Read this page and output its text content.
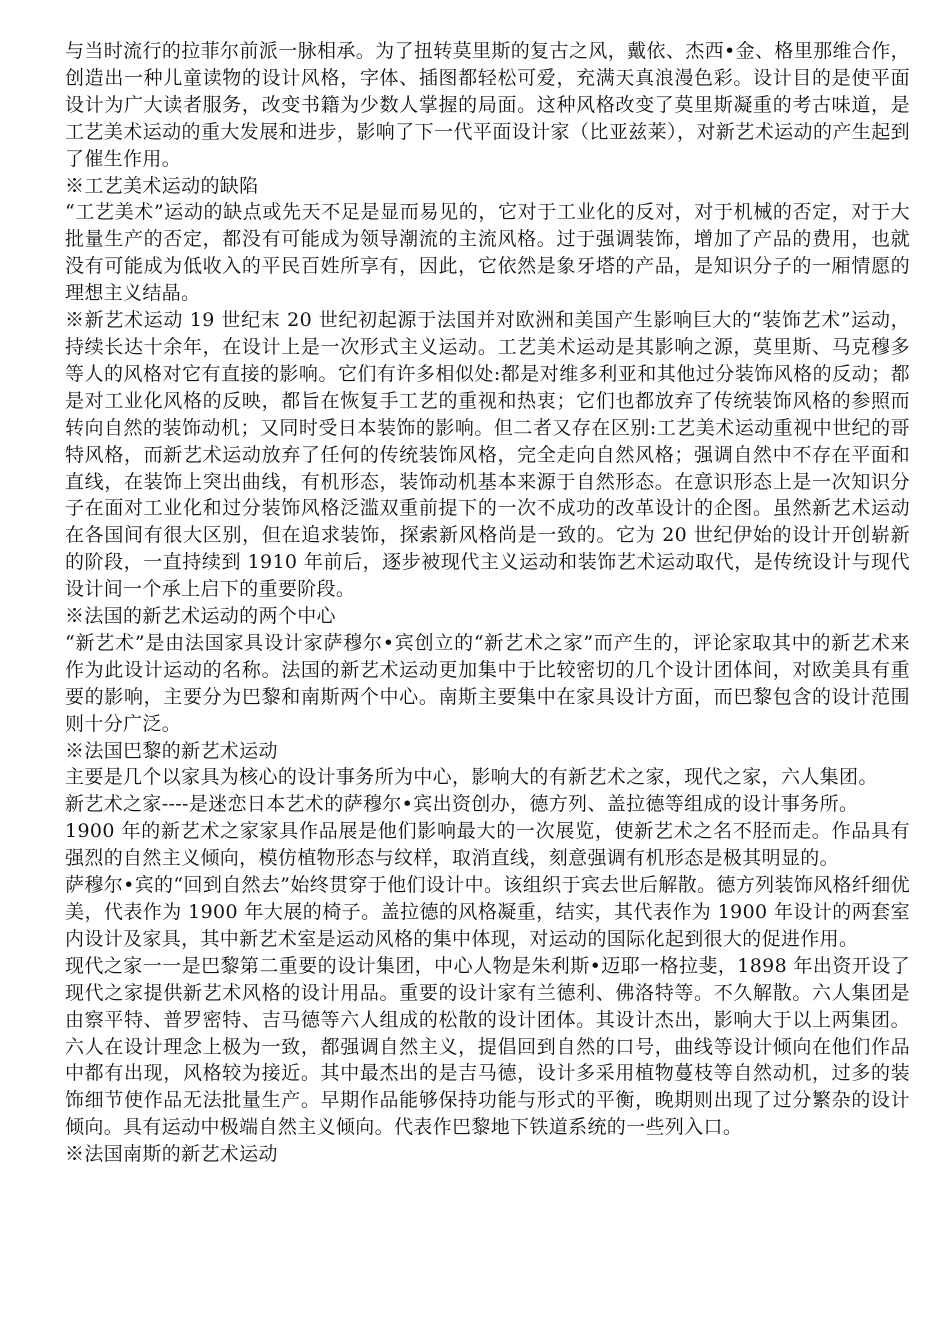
与当时流行的拉菲尔前派一脉相承。为了扭转莫里斯的复古之风，戴依、杰西•金、格里那维合作，创造出一种儿童读物的设计风格，字体、插图都轻松可爱，充满天真浪漫色彩。设计目的是使平面设计为广大读者服务，改变书籍为少数人掌握的局面。这种风格改变了莫里斯凝重的考古味道，是工艺美术运动的重大发展和进步，影响了下一代平面设计家（比亚兹莱），对新艺术运动的产生起到了催生作用。

※工艺美术运动的缺陷

“工艺美术”运动的缺点或先天不足是显而易见的，它对于工业化的反对，对于机械的否定，对于大批量生产的否定，都没有可能成为领导潮流的主流风格。过于强调装饰，增加了产品的费用，也就没有可能成为低收入的平民百姓所享有，因此，它依然是象牙塔的产品，是知识分子的一厢情愿的理想主义结晶。

※新艺术运动 19 世纪末 20 世纪初起源于法国并对欧洲和美国产生影响巨大的“装饰艺术”运动，持续长达十余年，在设计上是一次形式主义运动。工艺美术运动是其影响之源，莫里斯、马克穆多等人的风格对它有直接的影响。它们有许多相似处:都是对维多利亚和其他过分装饰风格的反动；都是对工业化风格的反映，都旨在恢复手工艺的重视和热衷；它们也都放弃了传统装饰风格的参照而转向自然的装饰动机；又同时受日本装饰的影响。但二者又存在区别:工艺美术运动重视中世纪的哥特风格，而新艺术运动放弃了任何的传统装饰风格，完全走向自然风格；强调自然中不存在平面和直线，在装饰上突出曲线，有机形态，装饰动机基本来源于自然形态。在意识形态上是一次知识分子在面对工业化和过分装饰风格泛滥双重前提下的一次不成功的改革设计的企图。虽然新艺术运动在各国间有很大区别，但在追求装饰，探索新风格尚是一致的。它为 20 世纪伊始的设计开创崭新的阶段，一直持续到 1910 年前后，逐步被现代主义运动和装饰艺术运动取代，是传统设计与现代设计间一个承上启下的重要阶段。

※法国的新艺术运动的两个中心

“新艺术”是由法国家具设计家萨穆尔•宾创立的“新艺术之家”而产生的，评论家取其中的新艺术来作为此设计运动的名称。法国的新艺术运动更加集中于比较密切的几个设计团体间，对欧美具有重要的影响，主要分为巴黎和南斯两个中心。南斯主要集中在家具设计方面，而巴黎包含的设计范围则十分广泛。

※法国巴黎的新艺术运动

主要是几个以家具为核心的设计事务所为中心，影响大的有新艺术之家，现代之家，六人集团。

新艺术之家----是迷恋日本艺术的萨穆尔•宾出资创办，德方列、盖拉德等组成的设计事务所。

1900 年的新艺术之家家具作品展是他们影响最大的一次展览，使新艺术之名不胫而走。作品具有强烈的自然主义倾向，模仿植物形态与纹样，取消直线，刻意强调有机形态是极其明显的。

萨穆尔•宾的“回到自然去”始终贯穿于他们设计中。该组织于宾去世后解散。德方列装饰风格纤细优美，代表作为 1900 年大展的椅子。盖拉德的风格凝重，结实，其代表作为 1900 年设计的两套室内设计及家具，其中新艺术室是运动风格的集中体现，对运动的国际化起到很大的促进作用。

现代之家一一是巴黎第二重要的设计集团，中心人物是朱利斯•迈耶一格拉斐，1898 年出资开设了现代之家提供新艺术风格的设计用品。重要的设计家有兰德利、佛洛特等。不久解散。六人集团是由察平特、普罗密特、吉马德等六人组成的松散的设计团体。其设计杰出，影响大于以上两集团。六人在设计理念上极为一致，都强调自然主义，提倡回到自然的口号，曲线等设计倾向在他们作品中都有出现，风格较为接近。其中最杰出的是吉马德，设计多采用植物蔓枝等自然动机，过多的装饰细节使作品无法批量生产。早期作品能够保持功能与形式的平衡，晚期则出现了过分繁杂的设计倾向。具有运动中极端自然主义倾向。代表作巴黎地下铁道系统的一些列入口。

※法国南斯的新艺术运动
